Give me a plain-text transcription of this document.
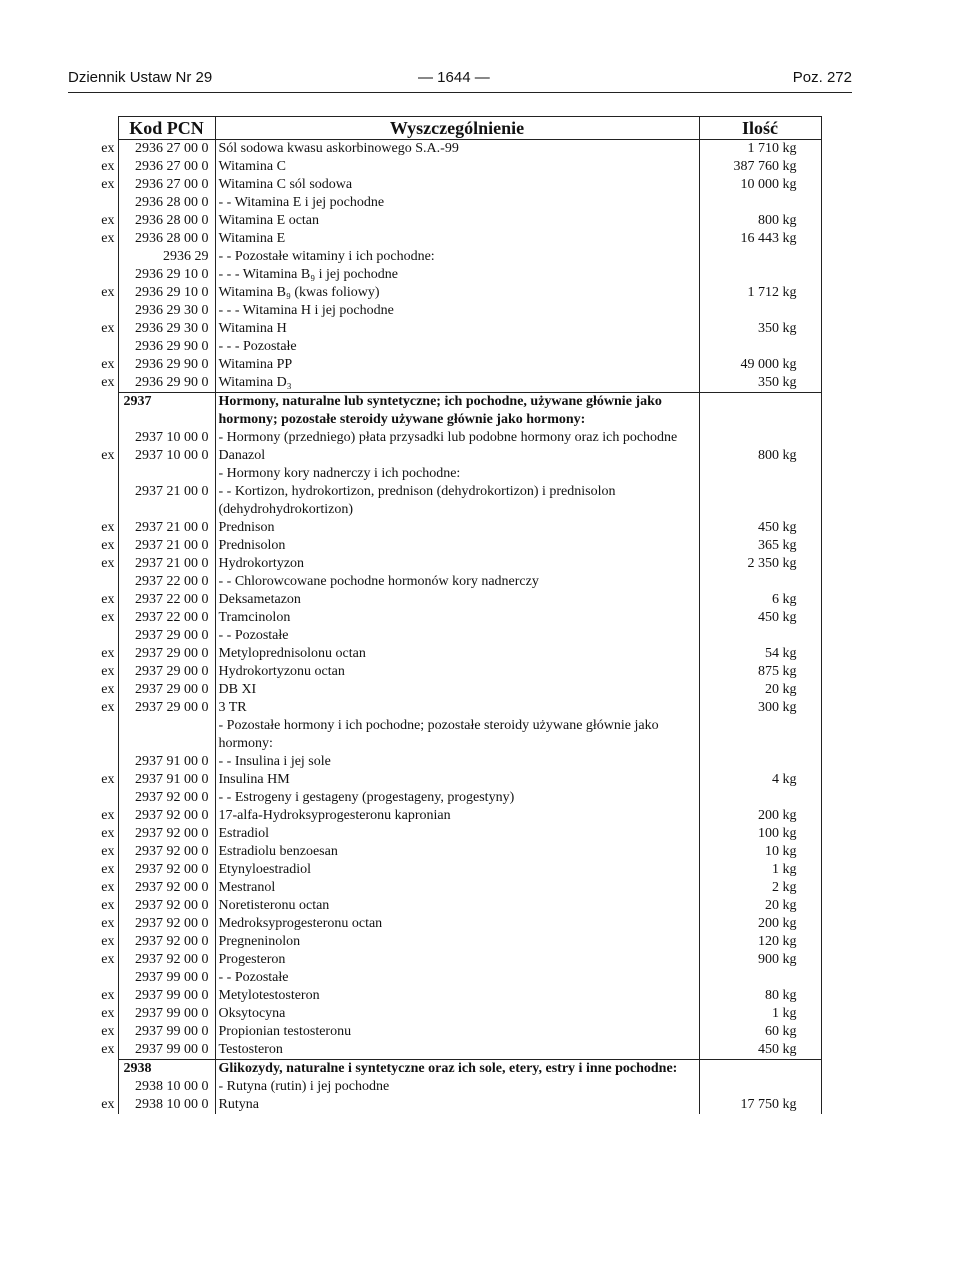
Dziennik Ustaw Nr 29	— 1644 —	Poz. 272
	Kod PCN	Wyszczególnienie	Ilość
ex	2936 27 00 0	Sól sodowa kwasu askorbinowego S.A.-99	1 710 kg
ex	2936 27 00 0	Witamina C	387 760 kg
ex	2936 27 00 0	Witamina C sól sodowa	10 000 kg
	2936 28 00 0	- - Witamina E i jej pochodne	
ex	2936 28 00 0	Witamina E octan	800 kg
ex	2936 28 00 0	Witamina E	16 443 kg
	2936 29	- - Pozostałe witaminy i ich pochodne:	
	2936 29 10 0	- - - Witamina B₉ i jej pochodne	
ex	2936 29 10 0	Witamina B₉ (kwas foliowy)	1 712 kg
	2936 29 30 0	- - - Witamina H i jej pochodne	
ex	2936 29 30 0	Witamina H	350 kg
	2936 29 90 0	- - - Pozostałe	
ex	2936 29 90 0	Witamina PP	49 000 kg
ex	2936 29 90 0	Witamina D₃	350 kg
	2937	Hormony, naturalne lub syntetyczne; ich pochodne, używane głównie jako hormony; pozostałe steroidy używane głównie jako hormony:	
	2937 10 00 0	- Hormony (przedniego) płata przysadki lub podobne hormony oraz ich pochodne	
ex	2937 10 00 0	Danazol	800 kg
		- Hormony kory nadnerczy i ich pochodne:	
	2937 21 00 0	- - Kortizon, hydrokortizon, prednison (dehydrokortizon) i prednisolon (dehydrohydrokortizon)	
ex	2937 21 00 0	Prednison	450 kg
ex	2937 21 00 0	Prednisolon	365 kg
ex	2937 21 00 0	Hydrokortyzon	2 350 kg
	2937 22 00 0	- - Chlorowcowane pochodne hormonów kory nadnerczy	
ex	2937 22 00 0	Deksametazon	6 kg
ex	2937 22 00 0	Tramcinolon	450 kg
	2937 29 00 0	- - Pozostałe	
ex	2937 29 00 0	Metyloprednisolonu octan	54 kg
ex	2937 29 00 0	Hydrokortyzonu octan	875 kg
ex	2937 29 00 0	DB XI	20 kg
ex	2937 29 00 0	3 TR	300 kg
		- Pozostałe hormony i ich pochodne; pozostałe steroidy używane głównie jako hormony:	
	2937 91 00 0	- - Insulina i jej sole	
ex	2937 91 00 0	Insulina HM	4 kg
	2937 92 00 0	- - Estrogeny i gestageny (progestageny, progestyny)	
ex	2937 92 00 0	17-alfa-Hydroksyprogesteronu kapronian	200 kg
ex	2937 92 00 0	Estradiol	100 kg
ex	2937 92 00 0	Estradiolu benzoesan	10 kg
ex	2937 92 00 0	Etynyloestradiol	1 kg
ex	2937 92 00 0	Mestranol	2 kg
ex	2937 92 00 0	Noretisteronu octan	20 kg
ex	2937 92 00 0	Medroksyprogesteronu octan	200 kg
ex	2937 92 00 0	Pregneninolon	120 kg
ex	2937 92 00 0	Progesteron	900 kg
	2937 99 00 0	- - Pozostałe	
ex	2937 99 00 0	Metylotestosteron	80 kg
ex	2937 99 00 0	Oksytocyna	1 kg
ex	2937 99 00 0	Propionian testosteronu	60 kg
ex	2937 99 00 0	Testosteron	450 kg
	2938	Glikozydy, naturalne i syntetyczne oraz ich sole, etery, estry i inne pochodne:	
	2938 10 00 0	- Rutyna (rutin) i jej pochodne	
ex	2938 10 00 0	Rutyna	17 750 kg
